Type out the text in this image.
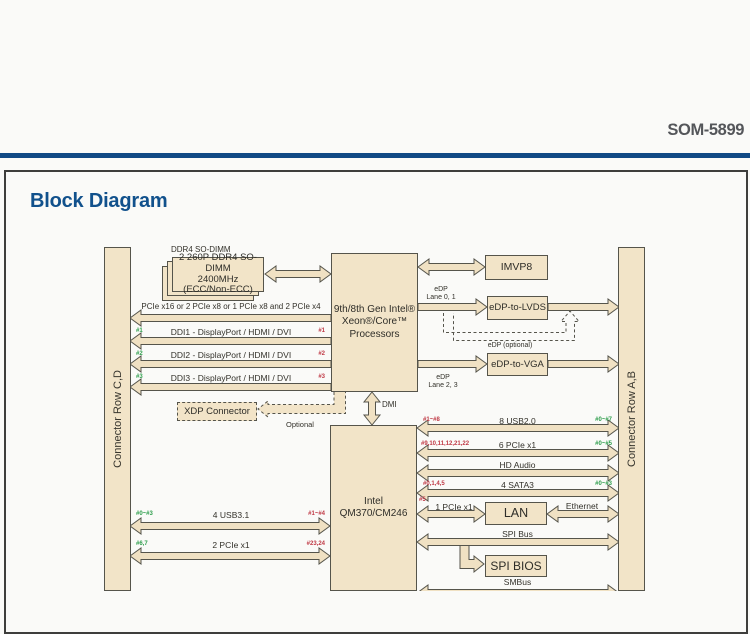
SOM-5899
Block Diagram
Connector Row C,D	Connector Row A,B
2 260P DDR4 SO-DIMM
2400MHz
(ECC/Non-ECC)
DDR4 SO-DIMM
9th/8th Gen Intel®
Xeon®/Core™
Processors
Intel
QM370/CM246
IMVP8
eDP-to-LVDS
eDP-to-VGA
XDP Connector
LAN
SPI BIOS
PCIe x16 or 2 PCIe x8 or 1 PCIe x8 and 2 PCIe x4
DDI1 - DisplayPort / HDMI / DVI
#1	#1
DDI2 - DisplayPort / HDMI / DVI
#2	#2
DDI3 - DisplayPort / HDMI / DVI
#3	#3
eDP
Lane 0, 1
eDP
Lane 2, 3
eDP (optional)
DMI
Optional
4 USB3.1
#0~#3	#1~#4
2 PCIe x1
#6,7	#23,24
8 USB2.0
#1~#8	#0~#7
6 PCIe x1
#9,10,11,12,21,22	#0~#5
HD Audio
4 SATA3
#0,1,4,5	#0~#3
#5
1 PCIe x1	Ethernet
SPI Bus
SMBus
